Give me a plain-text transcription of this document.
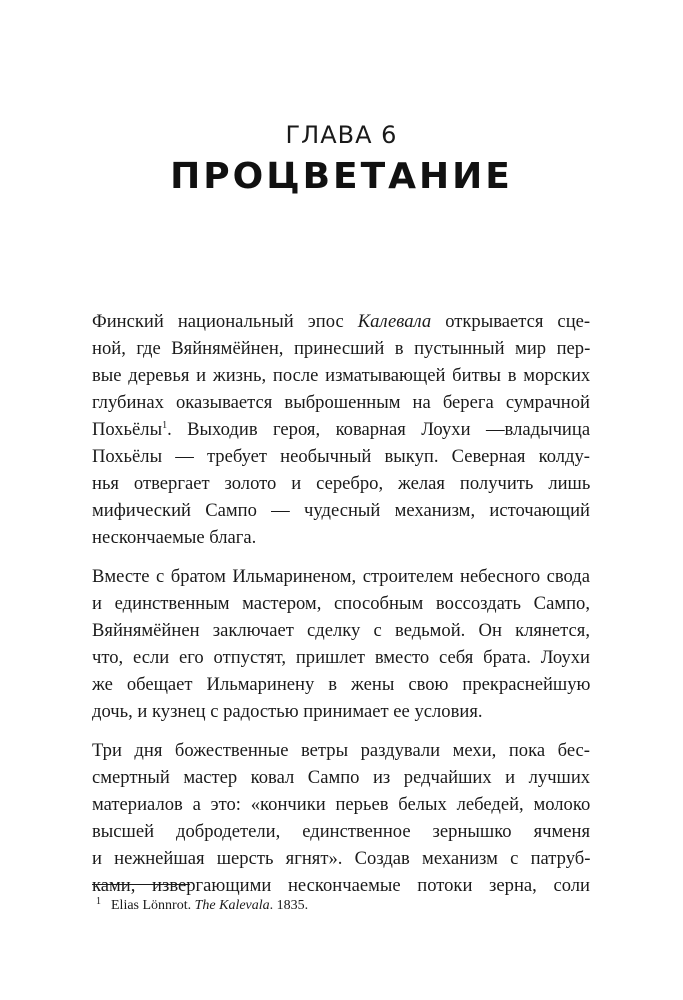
ГЛАВА 6
ПРОЦВЕТАНИЕ

Финский национальный эпос Калевала открывается сце-
ной, где Вяйнямёйнен, принесший в пустынный мир пер-
вые деревья и жизнь, после изматывающей битвы в морских
глубинах оказывается выброшенным на берега сумрачной
Похьёлы$^1$. Выходив героя, коварная Лоухи —владычица
Похьёлы — требует необычный выкуп. Северная колду-
нья отвергает золото и серебро, желая получить лишь
мифический Сампо — чудесный механизм, источающий
нескончаемые блага.

Вместе с братом Ильмариненом, строителем небесного свода
и единственным мастером, способным воссоздать Сампо,
Вяйнямёйнен заключает сделку с ведьмой. Он клянется,
что, если его отпустят, пришлет вместо себя брата. Лоухи
же обещает Ильмаринену в жены свою прекраснейшую
дочь, и кузнец с радостью принимает ее условия.

Три дня божественные ветры раздували мехи, пока бес-
смертный мастер ковал Сампо из редчайших и лучших
материалов а это: «кончики перьев белых лебедей, молоко
высшей добродетели, единственное зернышко ячменя
и нежнейшая шерсть ягнят». Создав механизм с патруб-
ками, извергающими нескончаемые потоки зерна, соли

$^1$ Elias Lönnrot. The Kalevala. 1835.
